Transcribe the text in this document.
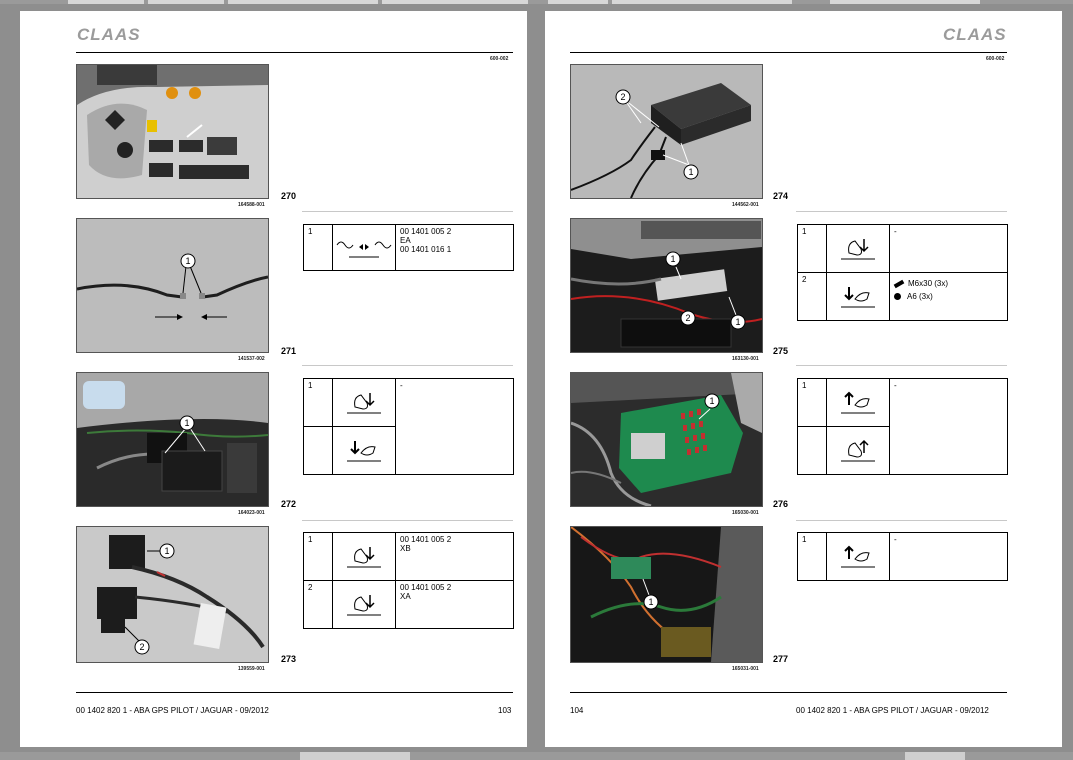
CLAAS
600-002
164588-001
270
1
141537-002
271
1		00 1401 005 2
EA
00 1401 016 1
1
164023-001
272
1		-

1
2
139559-001
273
1		00 1401 005 2
XB

2		00 1401 005 2
XA
00 1402 820 1 - ABA GPS PILOT / JAGUAR - 09/2012	103
CLAAS
600-002
2
1
144562-001
274
1
2	1
163130-001
275
1		-

2		M6x30 (3x)
A6 (3x)
1
165030-001
276
1		-

1
165031-001
277
1		-
104	00 1402 820 1 - ABA GPS PILOT / JAGUAR - 09/2012
